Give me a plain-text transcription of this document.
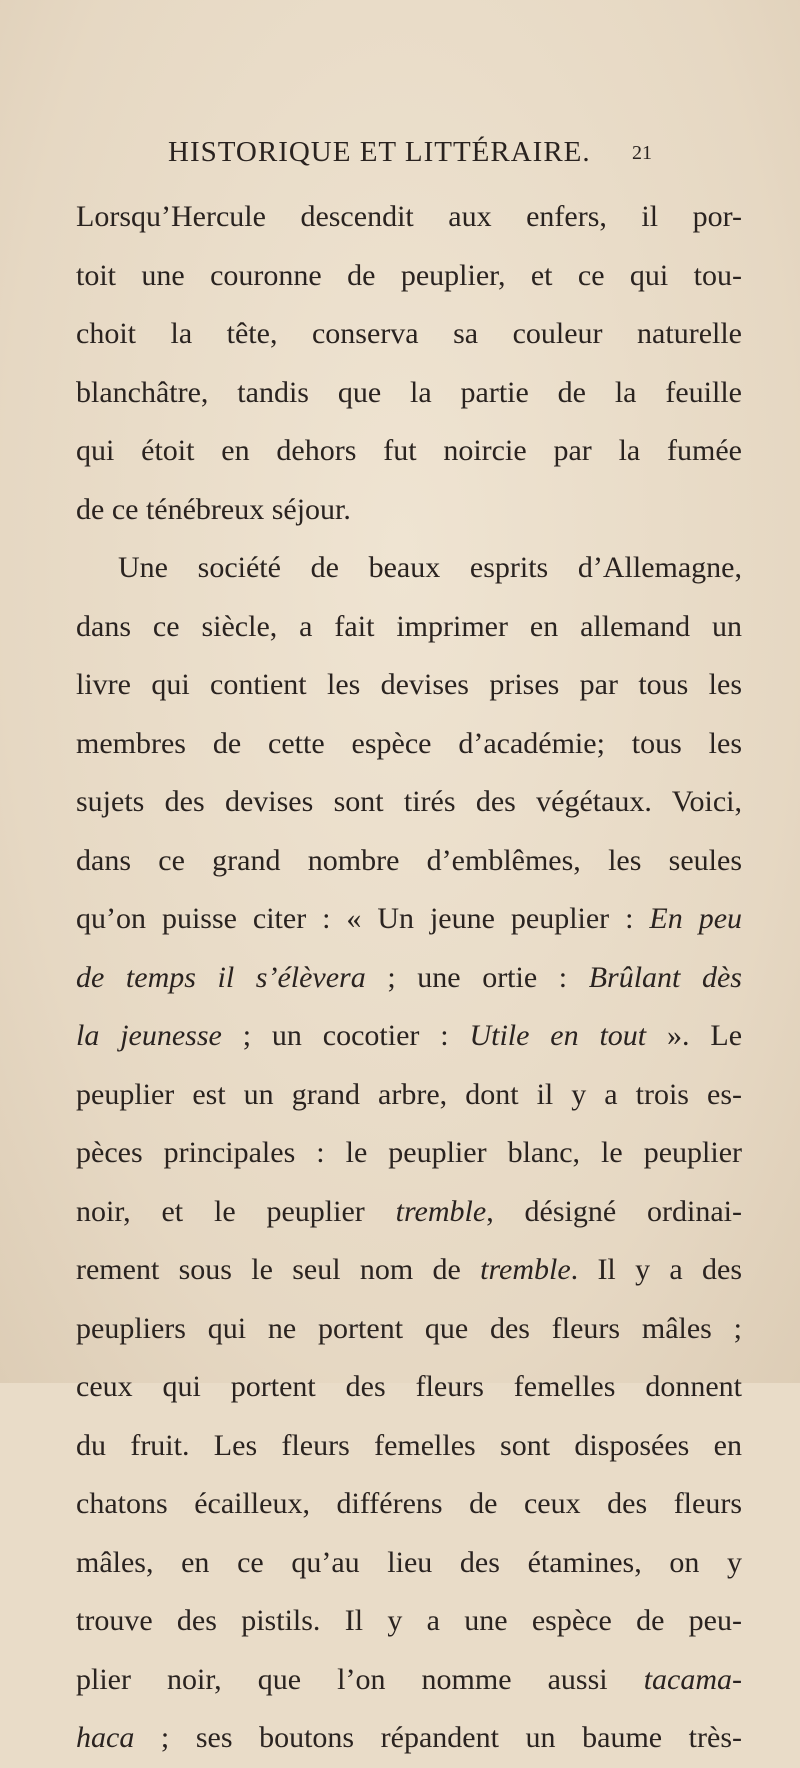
HISTORIQUE ET LITTÉRAIRE. 21
Lorsqu’Hercule descendit aux enfers, il por-
toit une couronne de peuplier, et ce qui tou-
choit la tête, conserva sa couleur naturelle
blanchâtre, tandis que la partie de la feuille
qui étoit en dehors fut noircie par la fumée
de ce ténébreux séjour.
Une société de beaux esprits d’Allemagne,
dans ce siècle, a fait imprimer en allemand un
livre qui contient les devises prises par tous les
membres de cette espèce d’académie; tous les
sujets des devises sont tirés des végétaux. Voici,
dans ce grand nombre d’emblêmes, les seules
qu’on puisse citer : « Un jeune peuplier : En peu
de temps il s’élèvera ; une ortie : Brûlant dès
la jeunesse ; un cocotier : Utile en tout ». Le
peuplier est un grand arbre, dont il y a trois es-
pèces principales : le peuplier blanc, le peuplier
noir, et le peuplier tremble, désigné ordinai-
rement sous le seul nom de tremble. Il y a des
peupliers qui ne portent que des fleurs mâles ;
ceux qui portent des fleurs femelles donnent
du fruit. Les fleurs femelles sont disposées en
chatons écailleux, différens de ceux des fleurs
mâles, en ce qu’au lieu des étamines, on y
trouve des pistils. Il y a une espèce de peu-
plier noir, que l’on nomme aussi tacama-
haca ; ses boutons répandent un baume très-
